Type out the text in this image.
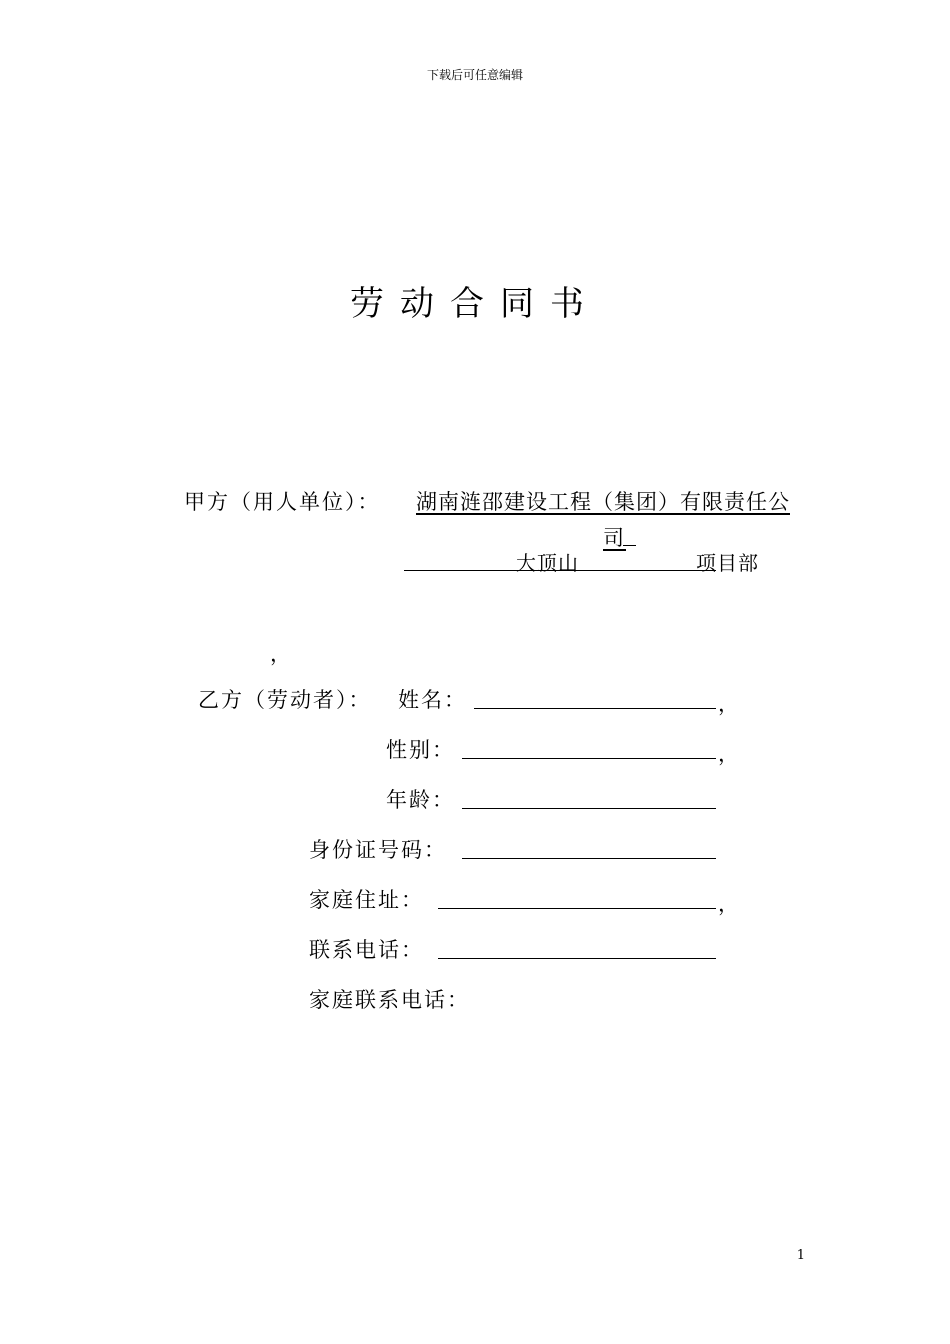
下载后可任意编辑
劳动合同书
甲方（用人单位）： 湖南涟邵建设工程（集团）有限责任公
司
大顶山	项目部
，
乙方（劳动者）： 姓名：	，
性别：	，
年龄：
身份证号码：
家庭住址：	，
联系电话：
家庭联系电话：
1
